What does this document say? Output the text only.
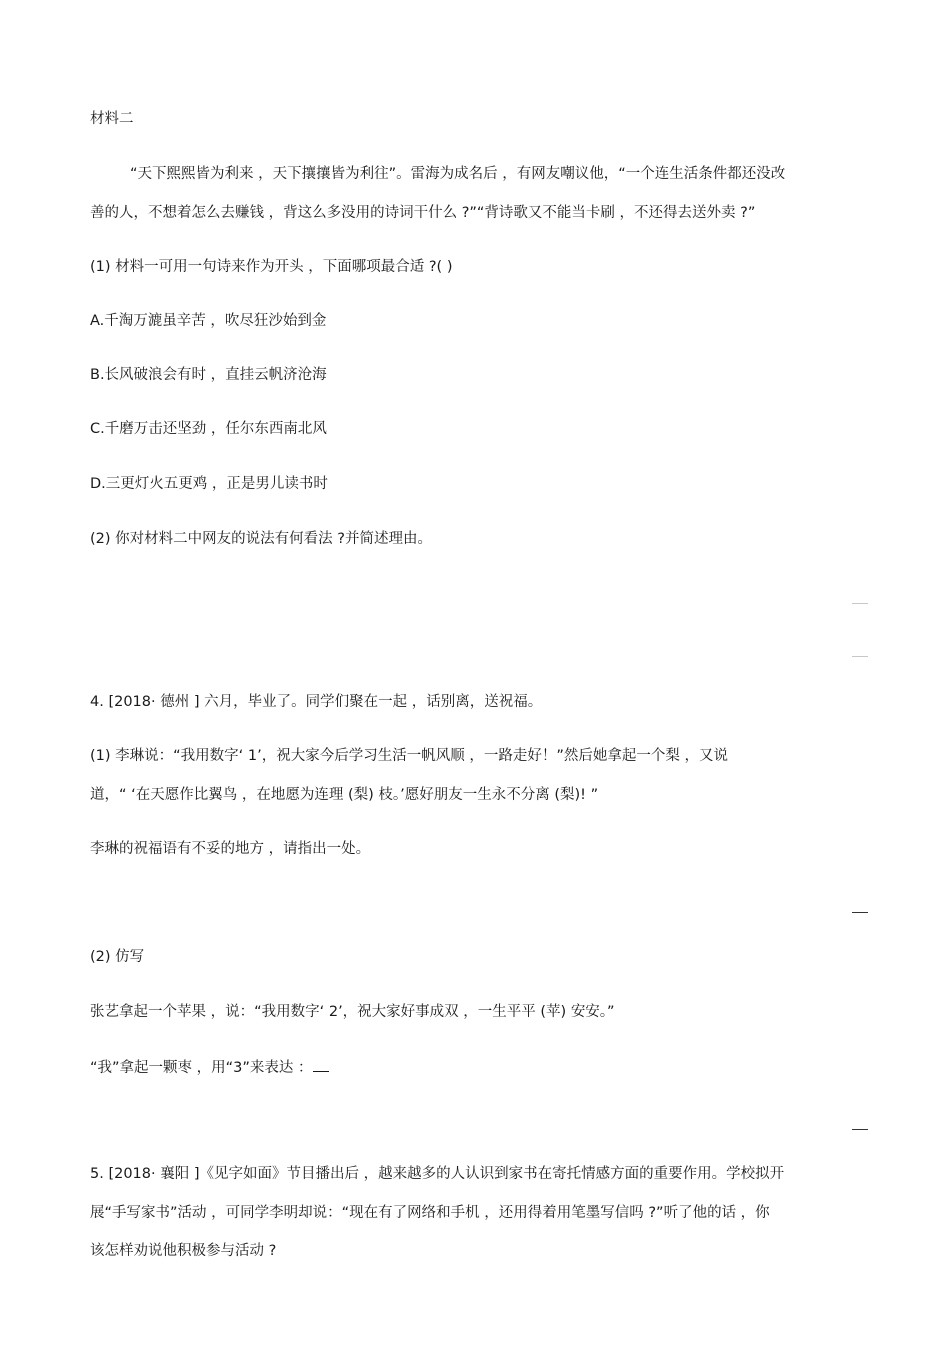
材料二
“天下熙熙皆为利来 ，天下攘攘皆为利往”。雷海为成名后 ，有网友嘲议他，“一个连生活条件都还没改
善的人，不想着怎么去赚钱 ，背这么多没用的诗词干什么 ?”“背诗歌又不能当卡刷 ，不还得去送外卖 ?”
(1) 材料一可用一句诗来作为开头 ，下面哪项最合适 ?( )
A.千淘万漉虽辛苦 ，吹尽狂沙始到金
B.长风破浪会有时 ，直挂云帆济沧海
C.千磨万击还坚劲 ，任尔东西南北风
D.三更灯火五更鸡 ，正是男儿读书时
(2) 你对材料二中网友的说法有何看法 ?并简述理由。
4. [2018· 德州 ] 六月，毕业了。同学们聚在一起 ，话别离，送祝福。
(1) 李琳说：“我用数字‘ 1’，祝大家今后学习生活一帆风顺 ，一路走好！”然后她拿起一个梨 ，又说
道，“ ‘在天愿作比翼鸟 ，在地愿为连理 (梨) 枝。’愿好朋友一生永不分离 (梨)! ”
李琳的祝福语有不妥的地方 ，请指出一处。
(2) 仿写
张艺拿起一个苹果 ，说：“我用数字‘ 2’，祝大家好事成双 ，一生平平 (苹) 安安。”
“我”拿起一颗枣 ，用“3”来表达 ：
5. [2018· 襄阳 ]《见字如面》节目播出后 ，越来越多的人认识到家书在寄托情感方面的重要作用。学校拟开
展“手写家书”活动 ，可同学李明却说：“现在有了网络和手机 ，还用得着用笔墨写信吗 ?”听了他的话 ，你
该怎样劝说他积极参与活动 ?
